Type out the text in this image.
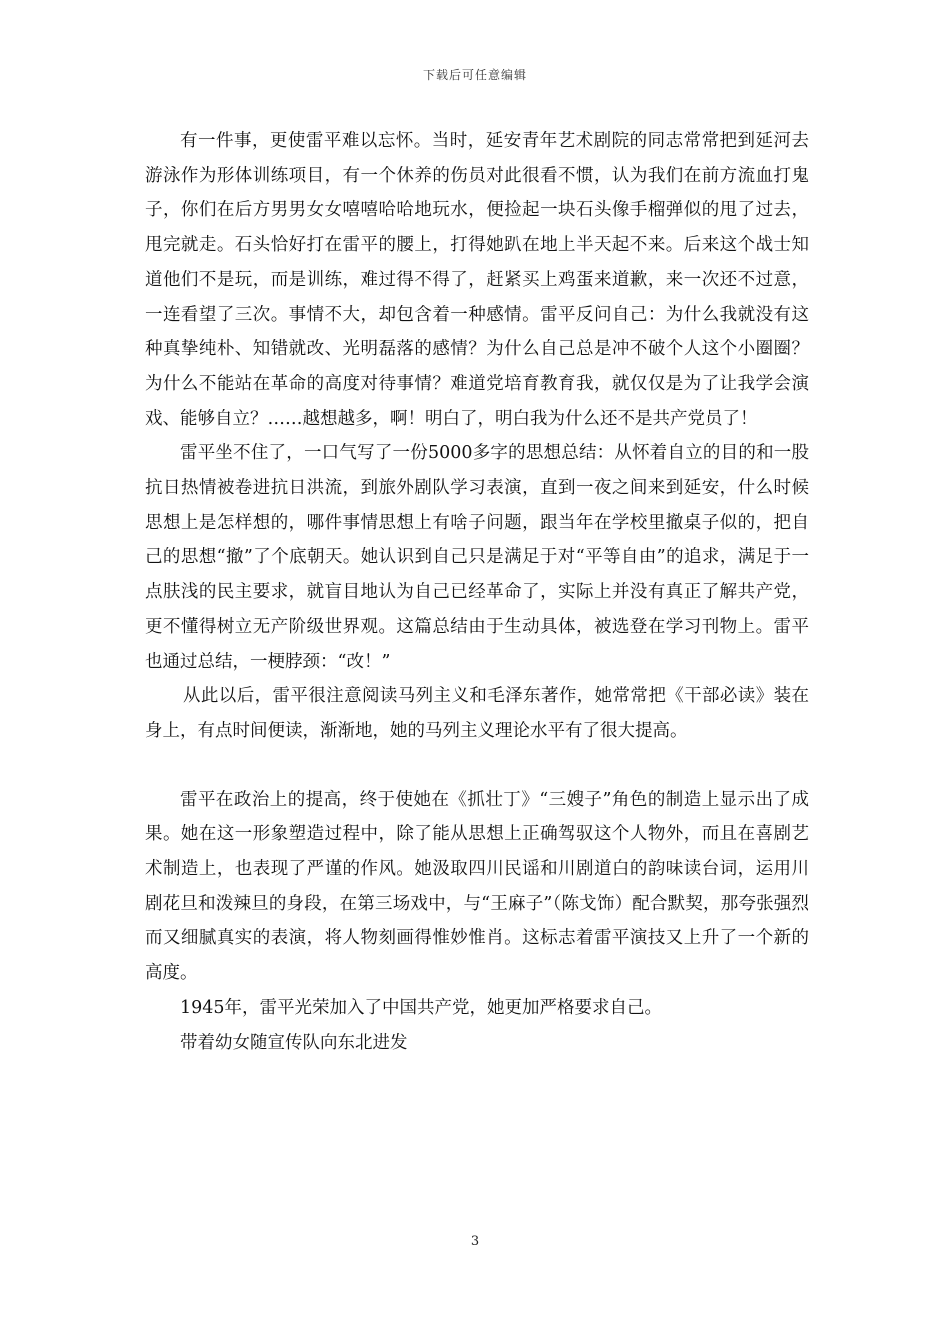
下载后可任意编辑

有一件事，更使雷平难以忘怀。当时，延安青年艺术剧院的同志常常把到延河去游泳作为形体训练项目，有一个休养的伤员对此很看不惯，认为我们在前方流血打鬼子，你们在后方男男女女嘻嘻哈哈地玩水，便捡起一块石头像手榴弹似的甩了过去，甩完就走。石头恰好打在雷平的腰上，打得她趴在地上半天起不来。后来这个战士知道他们不是玩，而是训练，难过得不得了，赶紧买上鸡蛋来道歉，来一次还不过意，一连看望了三次。事情不大，却包含着一种感情。雷平反问自己：为什么我就没有这种真挚纯朴、知错就改、光明磊落的感情？为什么自己总是冲不破个人这个小圈圈？为什么不能站在革命的高度对待事情？难道党培育教育我，就仅仅是为了让我学会演戏、能够自立？……越想越多，啊！明白了，明白我为什么还不是共产党员了！

雷平坐不住了，一口气写了一份5000多字的思想总结：从怀着自立的目的和一股抗日热情被卷进抗日洪流，到旅外剧队学习表演，直到一夜之间来到延安，什么时候思想上是怎样想的，哪件事情思想上有啥子问题，跟当年在学校里撤桌子似的，把自己的思想“撤”了个底朝天。她认识到自己只是满足于对“平等自由”的追求，满足于一点肤浅的民主要求，就盲目地认为自己已经革命了，实际上并没有真正了解共产党，更不懂得树立无产阶级世界观。这篇总结由于生动具体，被选登在学习刊物上。雷平也通过总结，一梗脖颈：“改！”

从此以后，雷平很注意阅读马列主义和毛泽东著作，她常常把《干部必读》装在身上，有点时间便读，渐渐地，她的马列主义理论水平有了很大提高。

雷平在政治上的提高，终于使她在《抓壮丁》“三嫂子”角色的制造上显示出了成果。她在这一形象塑造过程中，除了能从思想上正确驾驭这个人物外，而且在喜剧艺术制造上，也表现了严谨的作风。她汲取四川民谣和川剧道白的韵味读台词，运用川剧花旦和泼辣旦的身段，在第三场戏中，与“王麻子”（陈戈饰）配合默契，那夸张强烈而又细腻真实的表演，将人物刻画得惟妙惟肖。这标志着雷平演技又上升了一个新的高度。

1945年，雷平光荣加入了中国共产党，她更加严格要求自己。

带着幼女随宣传队向东北进发

3
